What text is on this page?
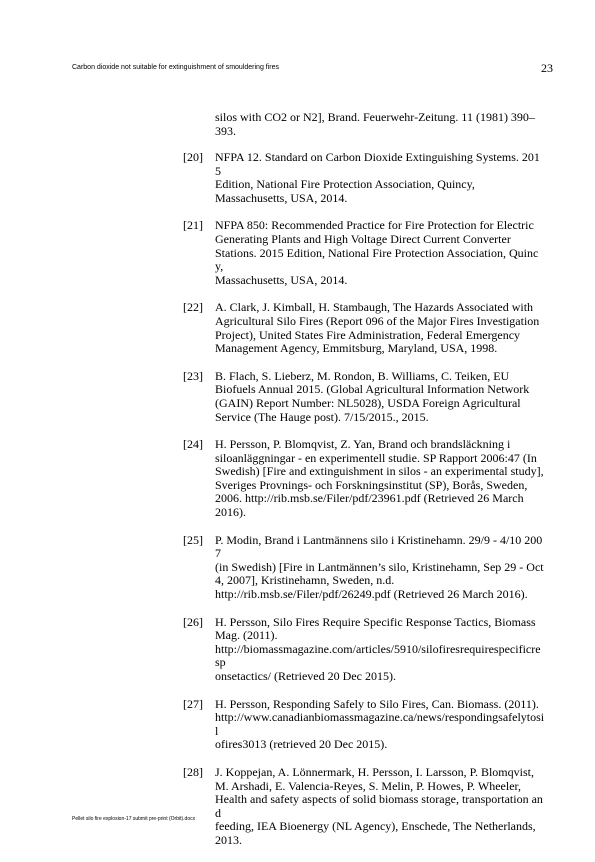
Carbon dioxide not suitable for extinguishment of smouldering fires	23
silos with CO2 or N2], Brand. Feuerwehr-Zeitung. 11 (1981) 390–
393.
[20] NFPA 12. Standard on Carbon Dioxide Extinguishing Systems. 2015
Edition, National Fire Protection Association, Quincy,
Massachusetts, USA, 2014.
[21] NFPA 850: Recommended Practice for Fire Protection for Electric
Generating Plants and High Voltage Direct Current Converter
Stations. 2015 Edition, National Fire Protection Association, Quincy,
Massachusetts, USA, 2014.
[22] A. Clark, J. Kimball, H. Stambaugh, The Hazards Associated with
Agricultural Silo Fires (Report 096 of the Major Fires Investigation
Project), United States Fire Administration, Federal Emergency
Management Agency, Emmitsburg, Maryland, USA, 1998.
[23] B. Flach, S. Lieberz, M. Rondon, B. Williams, C. Teiken, EU
Biofuels Annual 2015. (Global Agricultural Information Network
(GAIN) Report Number: NL5028), USDA Foreign Agricultural
Service (The Hauge post). 7/15/2015., 2015.
[24] H. Persson, P. Blomqvist, Z. Yan, Brand och brandsläckning i
siloanläggningar - en experimentell studie. SP Rapport 2006:47 (In
Swedish) [Fire and extinguishment in silos - an experimental study],
Sveriges Provnings- och Forskningsinstitut (SP), Borås, Sweden,
2006. http://rib.msb.se/Filer/pdf/23961.pdf (Retrieved 26 March
2016).
[25] P. Modin, Brand i Lantmännens silo i Kristinehamn. 29/9 - 4/10 2007
(in Swedish) [Fire in Lantmännen’s silo, Kristinehamn, Sep 29 - Oct
4, 2007], Kristinehamn, Sweden, n.d.
http://rib.msb.se/Filer/pdf/26249.pdf (Retrieved 26 March 2016).
[26] H. Persson, Silo Fires Require Specific Response Tactics, Biomass
Mag. (2011).
http://biomassmagazine.com/articles/5910/silofiresrequirespecificresp
onsetactics/ (Retrieved 20 Dec 2015).
[27] H. Persson, Responding Safely to Silo Fires, Can. Biomass. (2011).
http://www.canadianbiomassmagazine.ca/news/respondingsafelytosil
ofires3013 (retrieved 20 Dec 2015).
[28] J. Koppejan, A. Lönnermark, H. Persson, I. Larsson, P. Blomqvist,
M. Arshadi, E. Valencia-Reyes, S. Melin, P. Howes, P. Wheeler,
Health and safety aspects of solid biomass storage, transportation and
feeding, IEA Bioenergy (NL Agency), Enschede, The Netherlands,
2013.
Pellet silo fire explosion-17 submit pre-print (Orbit).docx
